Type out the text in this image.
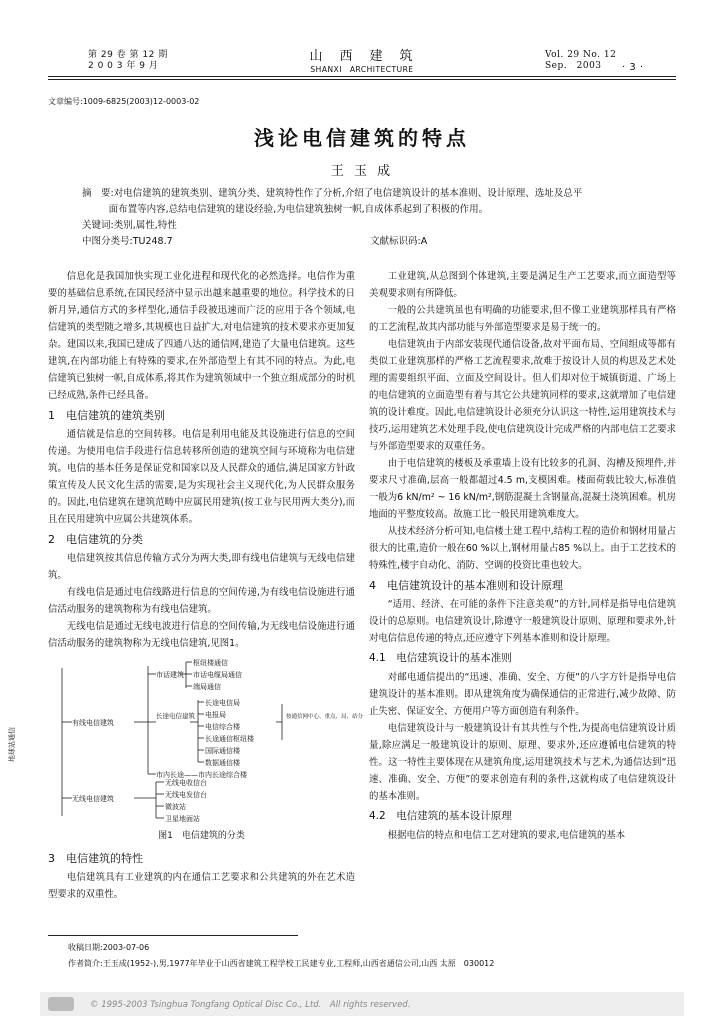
第 29 卷 第 12 期
2 0 0 3 年 9 月
山　西　建　筑
SHANXI　ARCHITECTURE
Vol. 29 No. 12
Sep.　2003	· 3 ·
文章编号:1009-6825(2003)12-0003-02
浅论电信建筑的特点
王 玉 成
摘　要:对电信建筑的建筑类别、建筑分类、建筑特性作了分析,介绍了电信建筑设计的基本准则、设计原理、选址及总平
面布置等内容,总结电信建筑的建设经验,为电信建筑独树一帜,自成体系起到了积极的作用。
关键词:类别,属性,特性
中图分类号:TU248.7	文献标识码:A

信息化是我国加快实现工业化进程和现代化的必然选择。电信作为重要的基础信息系统,在国民经济中显示出越来越重要的地位。科学技术的日新月异,通信方式的多样型化,通信手段被迅速而广泛的应用于各个领域,电信建筑的类型随之增多,其规模也日益扩大,对电信建筑的技术要求亦更加复杂。建国以来,我国已建成了四通八达的通信网,建造了大量电信建筑。这些建筑,在内部功能上有特殊的要求,在外部造型上有其不同的特点。为此,电信建筑已独树一帜,自成体系,将其作为建筑领域中一个独立组成部分的时机已经成熟,条件已经具备。

1　电信建筑的建筑类别

通信就是信息的空间转移。电信是利用电能及其设施进行信息的空间传递。为使用电信手段进行信息转移所创造的建筑空间与环境称为电信建筑。电信的基本任务是保证党和国家以及人民群众的通信,满足国家方针政策宣传及人民文化生活的需要,是为实现社会主义现代化,为人民群众服务的。因此,电信建筑在建筑范畴中应属民用建筑(按工业与民用两大类分),而且在民用建筑中应属公共建筑体系。

2　电信建筑的分类

电信建筑按其信息传输方式分为两大类,即有线电信建筑与无线电信建筑。

有线电信是通过电信线路进行信息的空间传递,为有线电信设施进行通信活动服务的建筑物称为有线电信建筑。

无线电信是通过无线电波进行信息的空间传输,为无线电信设施进行通信活动服务的建筑物称为无线电信建筑,见图1。

地球站通信
有线电信建筑
无线电信建筑
市话建筑
长途电信建筑
市内长途——市内长途综合楼
枢纽楼通信
市话电缆局通信
端局通信
长途电信局
电报局
电信综合楼
长途通信枢纽楼
国际通信楼
数据通信楼
按通信网中心、重点、局、站分
无线电收信台
无线电发信台
微波站
卫星地面站
图1　电信建筑的分类
3　电信建筑的特性

电信建筑具有工业建筑的内在通信工艺要求和公共建筑的外在艺术造型要求的双重性。

工业建筑,从总图到个体建筑,主要是满足生产工艺要求,而立面造型等美观要求则有所降低。

一般的公共建筑虽也有明确的功能要求,但不像工业建筑那样具有严格的工艺流程,故其内部功能与外部造型要求是易于统一的。

电信建筑由于内部安装现代通信设备,故对平面布局、空间组成等都有类似工业建筑那样的严格工艺流程要求,故难于按设计人员的构思及艺术处理的需要组织平面、立面及空间设计。但人们却对位于城镇街道、广场上的电信建筑的立面造型有着与其它公共建筑同样的要求,这就增加了电信建筑的设计难度。因此,电信建筑设计必须充分认识这一特性,运用建筑技术与技巧,运用建筑艺术处理手段,使电信建筑设计完成严格的内部电信工艺要求与外部造型要求的双重任务。

由于电信建筑的楼板及承重墙上设有比较多的孔洞、沟槽及预埋件,并要求尺寸准确,层高一般都超过4.5 m,支模困难。楼面荷载比较大,标准值一般为6 kN/m² ~ 16 kN/m²,钢筋混凝土含钢量高,混凝土浇筑困难。机房地面的平整度较高。故施工比一般民用建筑难度大。

从技术经济分析可知,电信楼土建工程中,结构工程的造价和钢材用量占很大的比重,造价一般在60 %以上,钢材用量占85 %以上。由于工艺技术的特殊性,楼宇自动化、消防、空调的投资比重也较大。

4　电信建筑设计的基本准则和设计原理

“适用、经济、在可能的条件下注意美观”的方针,同样是指导电信建筑设计的总原则。电信建筑设计,除遵守一般建筑设计原则、原理和要求外,针对电信信息传递的特点,还应遵守下列基本准则和设计原理。

4.1　电信建筑设计的基本准则

对邮电通信提出的“迅速、准确、安全、方便”的八字方针是指导电信建筑设计的基本准则。即从建筑角度为确保通信的正常进行,减少故障、防止失密、保证安全、方便用户等方面创造有利条件。

电信建筑设计与一般建筑设计有其共性与个性,为提高电信建筑设计质量,除应满足一般建筑设计的原则、原理、要求外,还应遵循电信建筑的特性。这一特性主要体现在从建筑角度,运用建筑技术与艺术,为通信达到“迅速、准确、安全、方便”的要求创造有利的条件,这就构成了电信建筑设计的基本准则。

4.2　电信建筑的基本设计原理

根据电信的特点和电信工艺对建筑的要求,电信建筑的基本

收稿日期:2003-07-06
作者简介:王玉成(1952-),男,1977年毕业于山西省建筑工程学校工民建专业,工程师,山西省通信公司,山西 太原　030012
© 1995-2003 Tsinghua Tongfang Optical Disc Co., Ltd.　All rights reserved.
